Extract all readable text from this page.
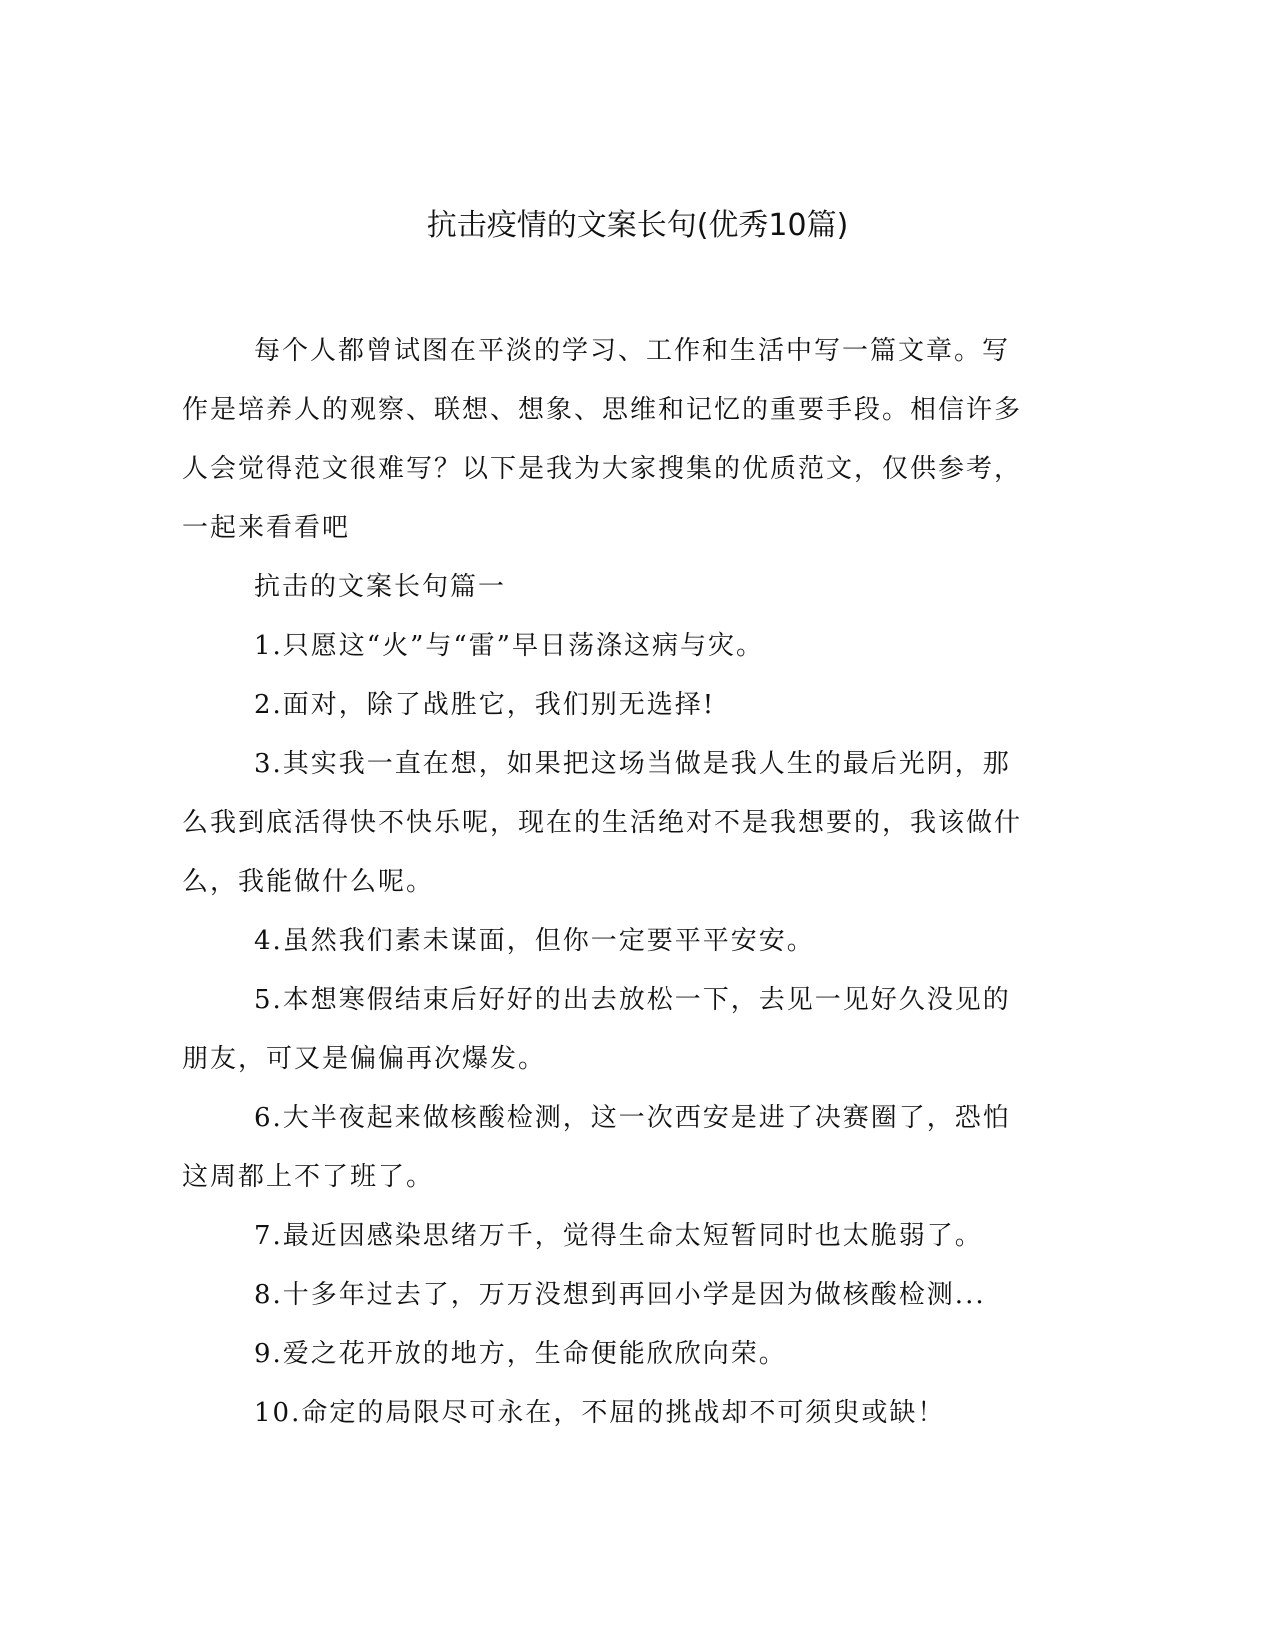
抗击疫情的文案长句(优秀10篇)

每个人都曾试图在平淡的学习、工作和生活中写一篇文章。写作是培养人的观察、联想、想象、思维和记忆的重要手段。相信许多人会觉得范文很难写？以下是我为大家搜集的优质范文，仅供参考，一起来看看吧

抗击的文案长句篇一

1.只愿这“火”与“雷”早日荡涤这病与灾。

2.面对，除了战胜它，我们别无选择!

3.其实我一直在想，如果把这场当做是我人生的最后光阴，那么我到底活得快不快乐呢，现在的生活绝对不是我想要的，我该做什么，我能做什么呢。

4.虽然我们素未谋面，但你一定要平平安安。

5.本想寒假结束后好好的出去放松一下，去见一见好久没见的朋友，可又是偏偏再次爆发。

6.大半夜起来做核酸检测，这一次西安是进了决赛圈了，恐怕这周都上不了班了。

7.最近因感染思绪万千，觉得生命太短暂同时也太脆弱了。

8.十多年过去了，万万没想到再回小学是因为做核酸检测...

9.爱之花开放的地方，生命便能欣欣向荣。

10.命定的局限尽可永在，不屈的挑战却不可须臾或缺！
